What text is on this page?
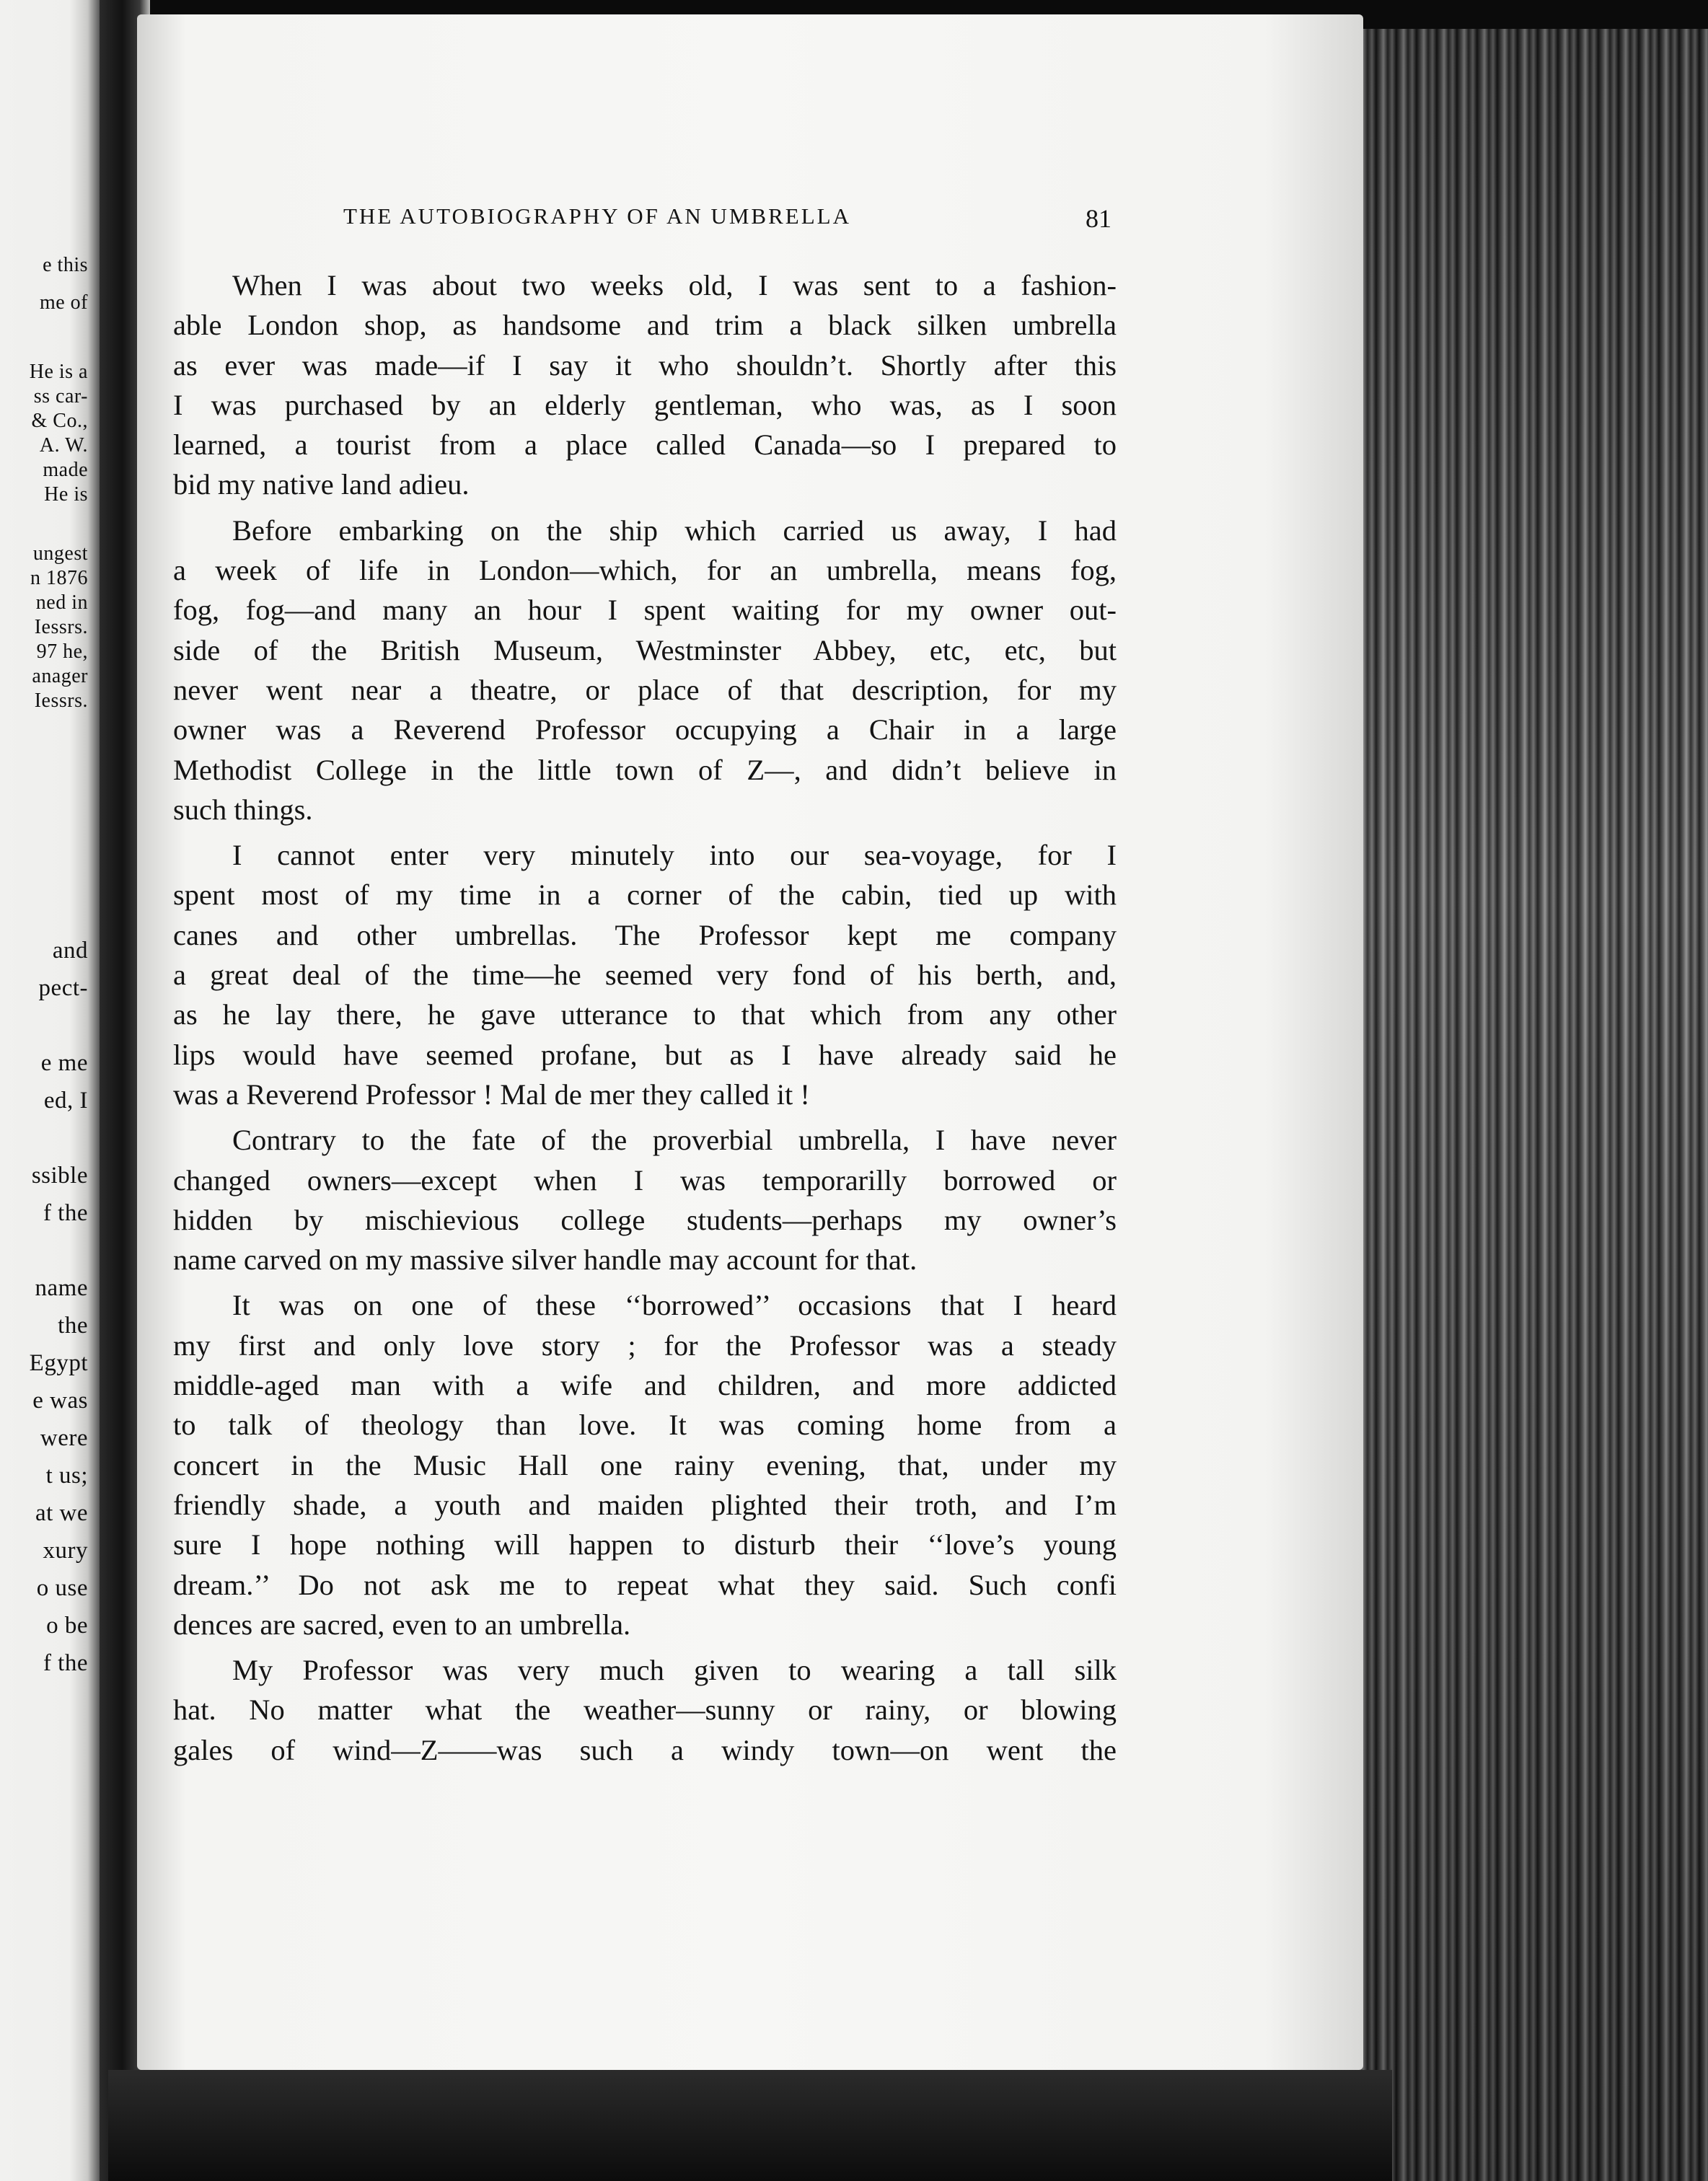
e this
me of
He is a
ss car-
& Co.,
A. W.
made
He is
ungest
n 1876
ned in
Iessrs.
97 he,
anager
Iessrs.
and
pect-
e me
ed, I
ssible
f the
name
the
Egypt
e was
were
t us;
at we
xury
o use
o be
f the
THE AUTOBIOGRAPHY OF AN UMBRELLA	81
When I was about two weeks old, I was sent to a fashion-
able London shop, as handsome and trim a black silken umbrella
as ever was made—if I say it who shouldn’t. Shortly after this
I was purchased by an elderly gentleman, who was, as I soon
learned, a tourist from a place called Canada—so I prepared to
bid my native land adieu.
Before embarking on the ship which carried us away, I had
a week of life in London—which, for an umbrella, means fog,
fog, fog—and many an hour I spent waiting for my owner out-
side of the British Museum, Westminster Abbey, etc, etc, but
never went near a theatre, or place of that description, for my
owner was a Reverend Professor occupying a Chair in a large
Methodist College in the little town of Z—, and didn’t believe in
such things.
I cannot enter very minutely into our sea-voyage, for I
spent most of my time in a corner of the cabin, tied up with
canes and other umbrellas. The Professor kept me company
a great deal of the time—he seemed very fond of his berth, and,
as he lay there, he gave utterance to that which from any other
lips would have seemed profane, but as I have already said he
was a Reverend Professor ! Mal de mer they called it !
Contrary to the fate of the proverbial umbrella, I have never
changed owners—except when I was temporarilly borrowed or
hidden by mischievious college students—perhaps my owner’s
name carved on my massive silver handle may account for that.
It was on one of these ‘‘borrowed’’ occasions that I heard
my first and only love story ; for the Professor was a steady
middle-aged man with a wife and children, and more addicted
to talk of theology than love. It was coming home from a
concert in the Music Hall one rainy evening, that, under my
friendly shade, a youth and maiden plighted their troth, and I’m
sure I hope nothing will happen to disturb their ‘‘love’s young
dream.’’ Do not ask me to repeat what they said. Such confi
dences are sacred, even to an umbrella.
My Professor was very much given to wearing a tall silk
hat. No matter what the weather—sunny or rainy, or blowing
gales of wind—Z——was such a windy town—on went the
